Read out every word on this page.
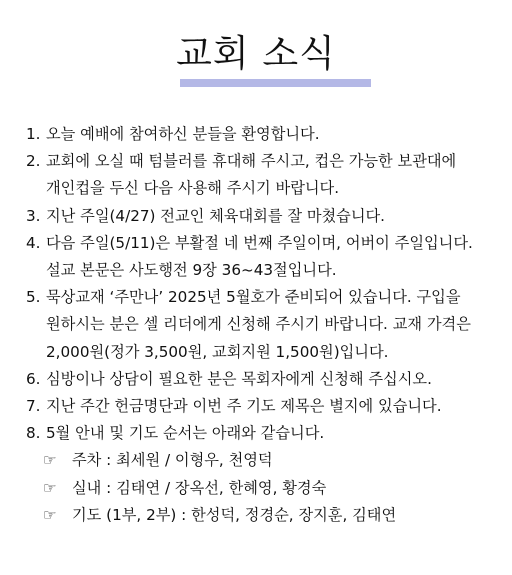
교회 소식
1. 오늘 예배에 참여하신 분들을 환영합니다.
2. 교회에 오실 때 텀블러를 휴대해 주시고, 컵은 가능한 보관대에
개인컵을 두신 다음 사용해 주시기 바랍니다.
3. 지난 주일(4/27) 전교인 체육대회를 잘 마쳤습니다.
4. 다음 주일(5/11)은 부활절 네 번째 주일이며, 어버이 주일입니다.
설교 본문은 사도행전 9장 36~43절입니다.
5. 묵상교재 ‘주만나’ 2025년 5월호가 준비되어 있습니다. 구입을
원하시는 분은 셀 리더에게 신청해 주시기 바랍니다. 교재 가격은
2,000원(정가 3,500원, 교회지원 1,500원)입니다.
6. 심방이나 상담이 필요한 분은 목회자에게 신청해 주십시오.
7. 지난 주간 헌금명단과 이번 주 기도 제목은 별지에 있습니다.
8. 5월 안내 및 기도 순서는 아래와 같습니다.
☞ 주차 : 최세원 / 이형우, 천영덕
☞ 실내 : 김태연 / 장옥선, 한혜영, 황경숙
☞ 기도 (1부, 2부) : 한성덕, 정경순, 장지훈, 김태연
